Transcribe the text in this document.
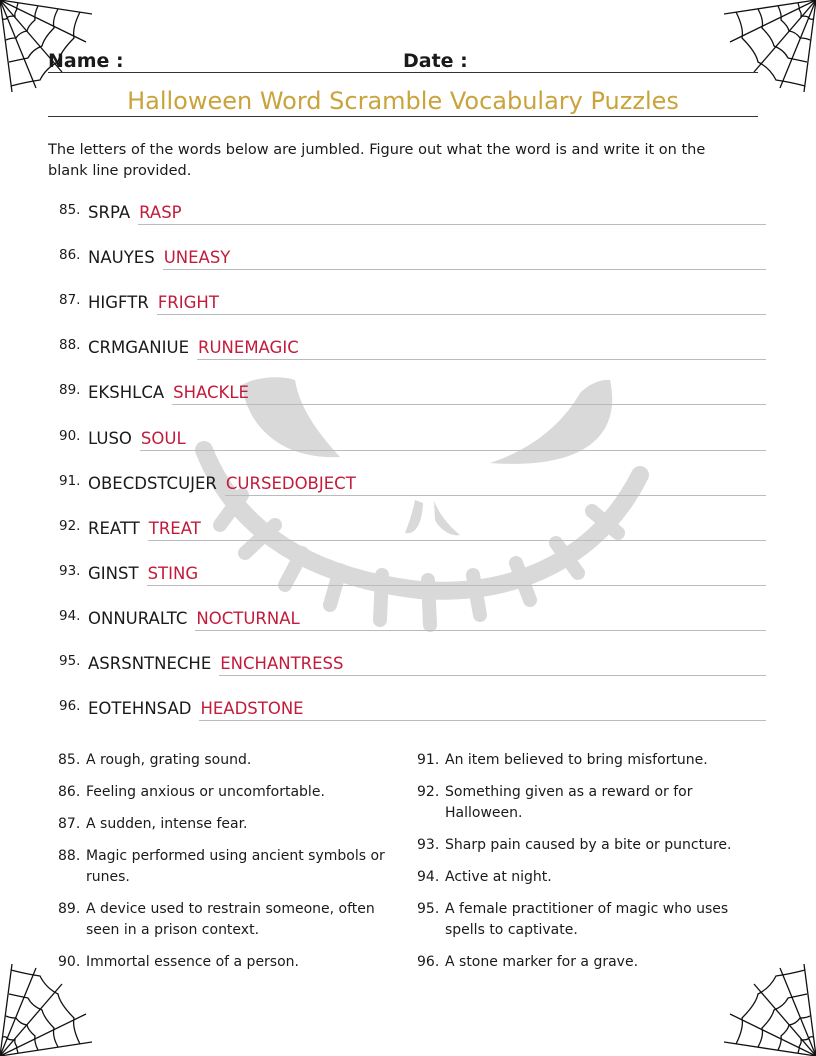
Name :	Date :
Halloween Word Scramble Vocabulary Puzzles
The letters of the words below are jumbled. Figure out what the word is and write it on the blank line provided.
85. SRPA RASP
86. NAUYES UNEASY
87. HIGFTR FRIGHT
88. CRMGANIUE RUNEMAGIC
89. EKSHLCA SHACKLE
90. LUSO SOUL
91. OBECDSTCUJER CURSEDOBJECT
92. REATT TREAT
93. GINST STING
94. ONNURALTC NOCTURNAL
95. ASRSNTNECHE ENCHANTRESS
96. EOTEHNSAD HEADSTONE
85. A rough, grating sound.
86. Feeling anxious or uncomfortable.
87. A sudden, intense fear.
88. Magic performed using ancient symbols or runes.
89. A device used to restrain someone, often seen in a prison context.
90. Immortal essence of a person.
91. An item believed to bring misfortune.
92. Something given as a reward or for Halloween.
93. Sharp pain caused by a bite or puncture.
94. Active at night.
95. A female practitioner of magic who uses spells to captivate.
96. A stone marker for a grave.
